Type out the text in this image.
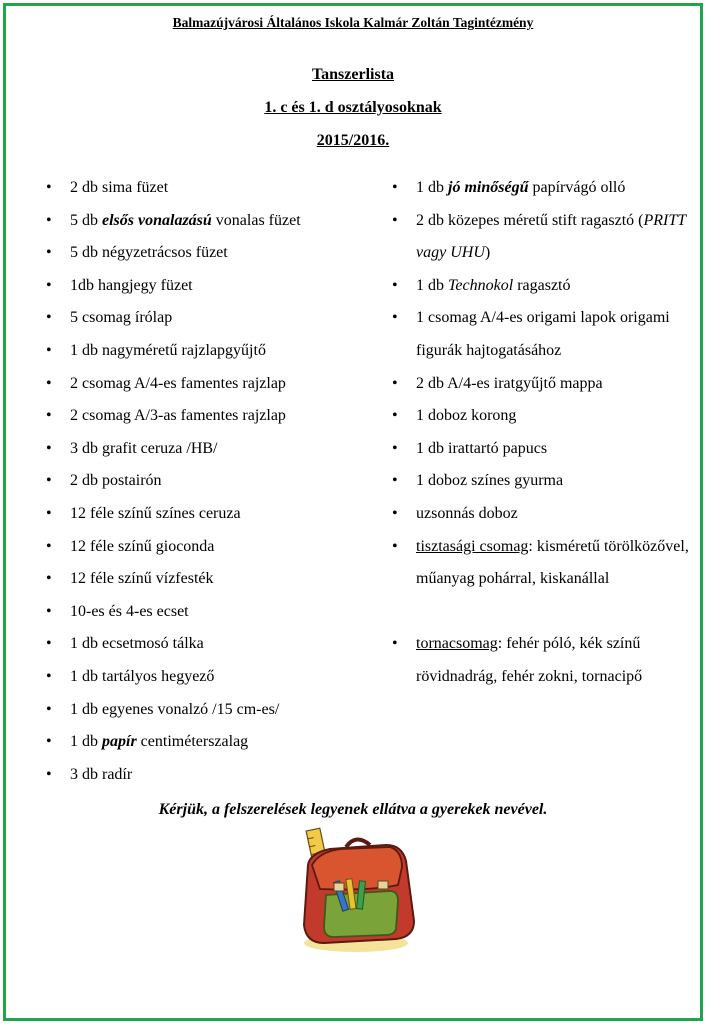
Balmazújvárosi Általános Iskola Kalmár Zoltán Tagintézmény
Tanszerlista
1. c és 1. d osztályosoknak
2015/2016.
• 2 db sima füzet
• 5 db elsős vonalazású vonalas füzet
• 5 db négyzetrácsos füzet
• 1db hangjegy füzet
• 5 csomag írólap
• 1 db nagyméretű rajzlapgyűjtő
• 2 csomag A/4-es famentes rajzlap
• 2 csomag A/3-as famentes rajzlap
• 3 db grafit ceruza /HB/
• 2 db postairón
• 12 féle színű színes ceruza
• 12 féle színű gioconda
• 12 féle színű vízfesték
• 10-es és 4-es ecset
• 1 db ecsetmosó tálka
• 1 db tartályos hegyező
• 1 db egyenes vonalzó /15 cm-es/
• 1 db papír centiméterszalag
• 3 db radír
• 1 db jó minőségű papírvágó olló
• 2 db közepes méretű stift ragasztó (PRITT vagy UHU)
• 1 db Technokol ragasztó
• 1 csomag A/4-es origami lapok origami figurák hajtogatásához
• 2 db A/4-es iratgyűjtő mappa
• 1 doboz korong
• 1 db irattartó papucs
• 1 doboz színes gyurma
• uzsonnás doboz
• tisztasági csomag: kisméretű törölközővel, műanyag pohárral, kiskanállal
• tornacsomag: fehér póló, kék színű rövidnadrág, fehér zokni, tornacipő
Kérjük, a felszerelések legyenek ellátva a gyerekek nevével.
